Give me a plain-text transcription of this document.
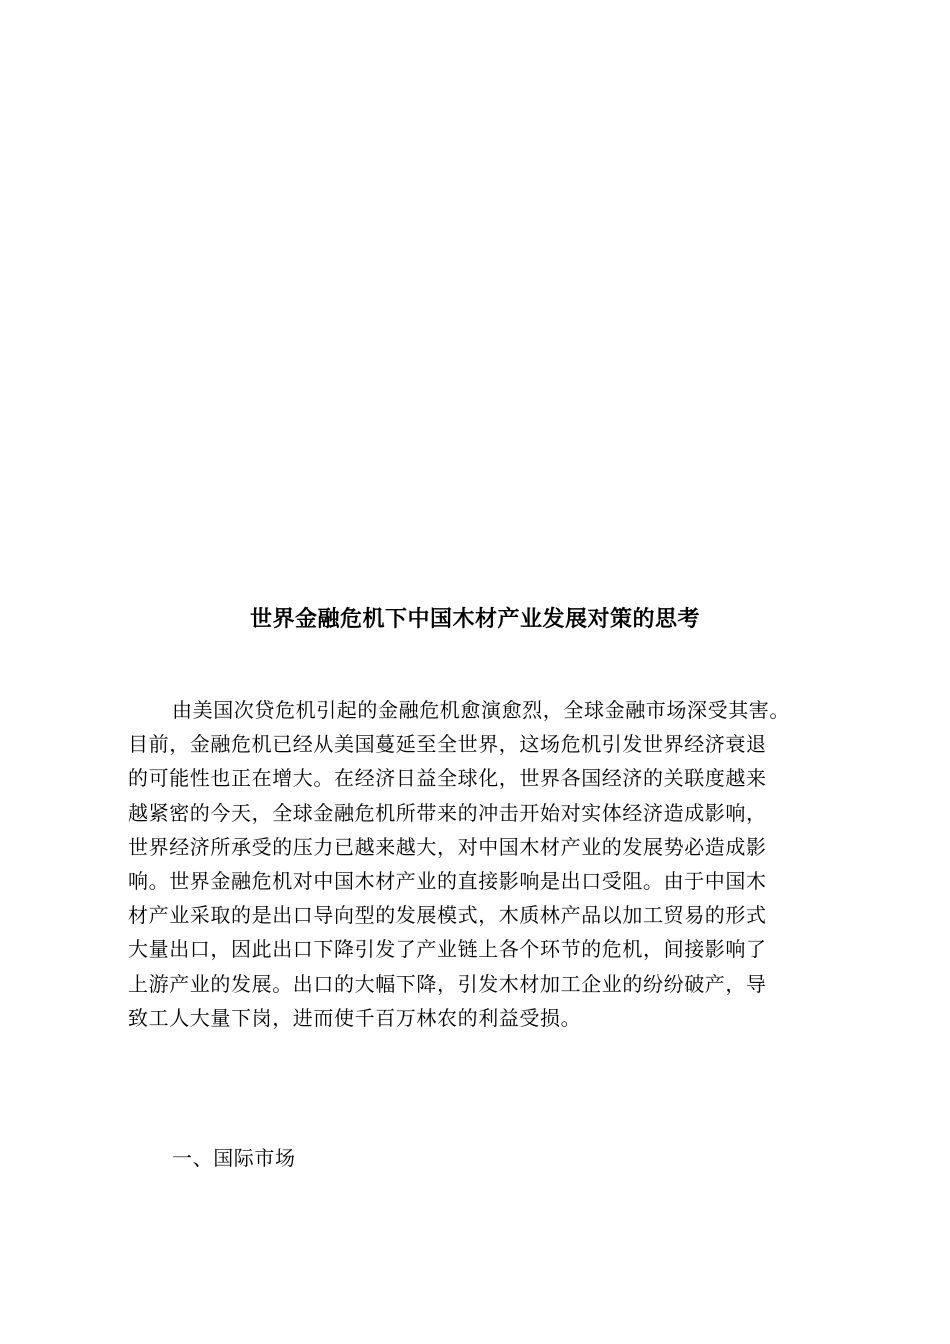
世界金融危机下中国木材产业发展对策的思考
由美国次贷危机引起的金融危机愈演愈烈，全球金融市场深受其害。
目前，金融危机已经从美国蔓延至全世界，这场危机引发世界经济衰退
的可能性也正在增大。在经济日益全球化，世界各国经济的关联度越来
越紧密的今天，全球金融危机所带来的冲击开始对实体经济造成影响，
世界经济所承受的压力已越来越大，对中国木材产业的发展势必造成影
响。世界金融危机对中国木材产业的直接影响是出口受阻。由于中国木
材产业采取的是出口导向型的发展模式，木质林产品以加工贸易的形式
大量出口，因此出口下降引发了产业链上各个环节的危机，间接影响了
上游产业的发展。出口的大幅下降，引发木材加工企业的纷纷破产，导
致工人大量下岗，进而使千百万林农的利益受损。
一、国际市场
